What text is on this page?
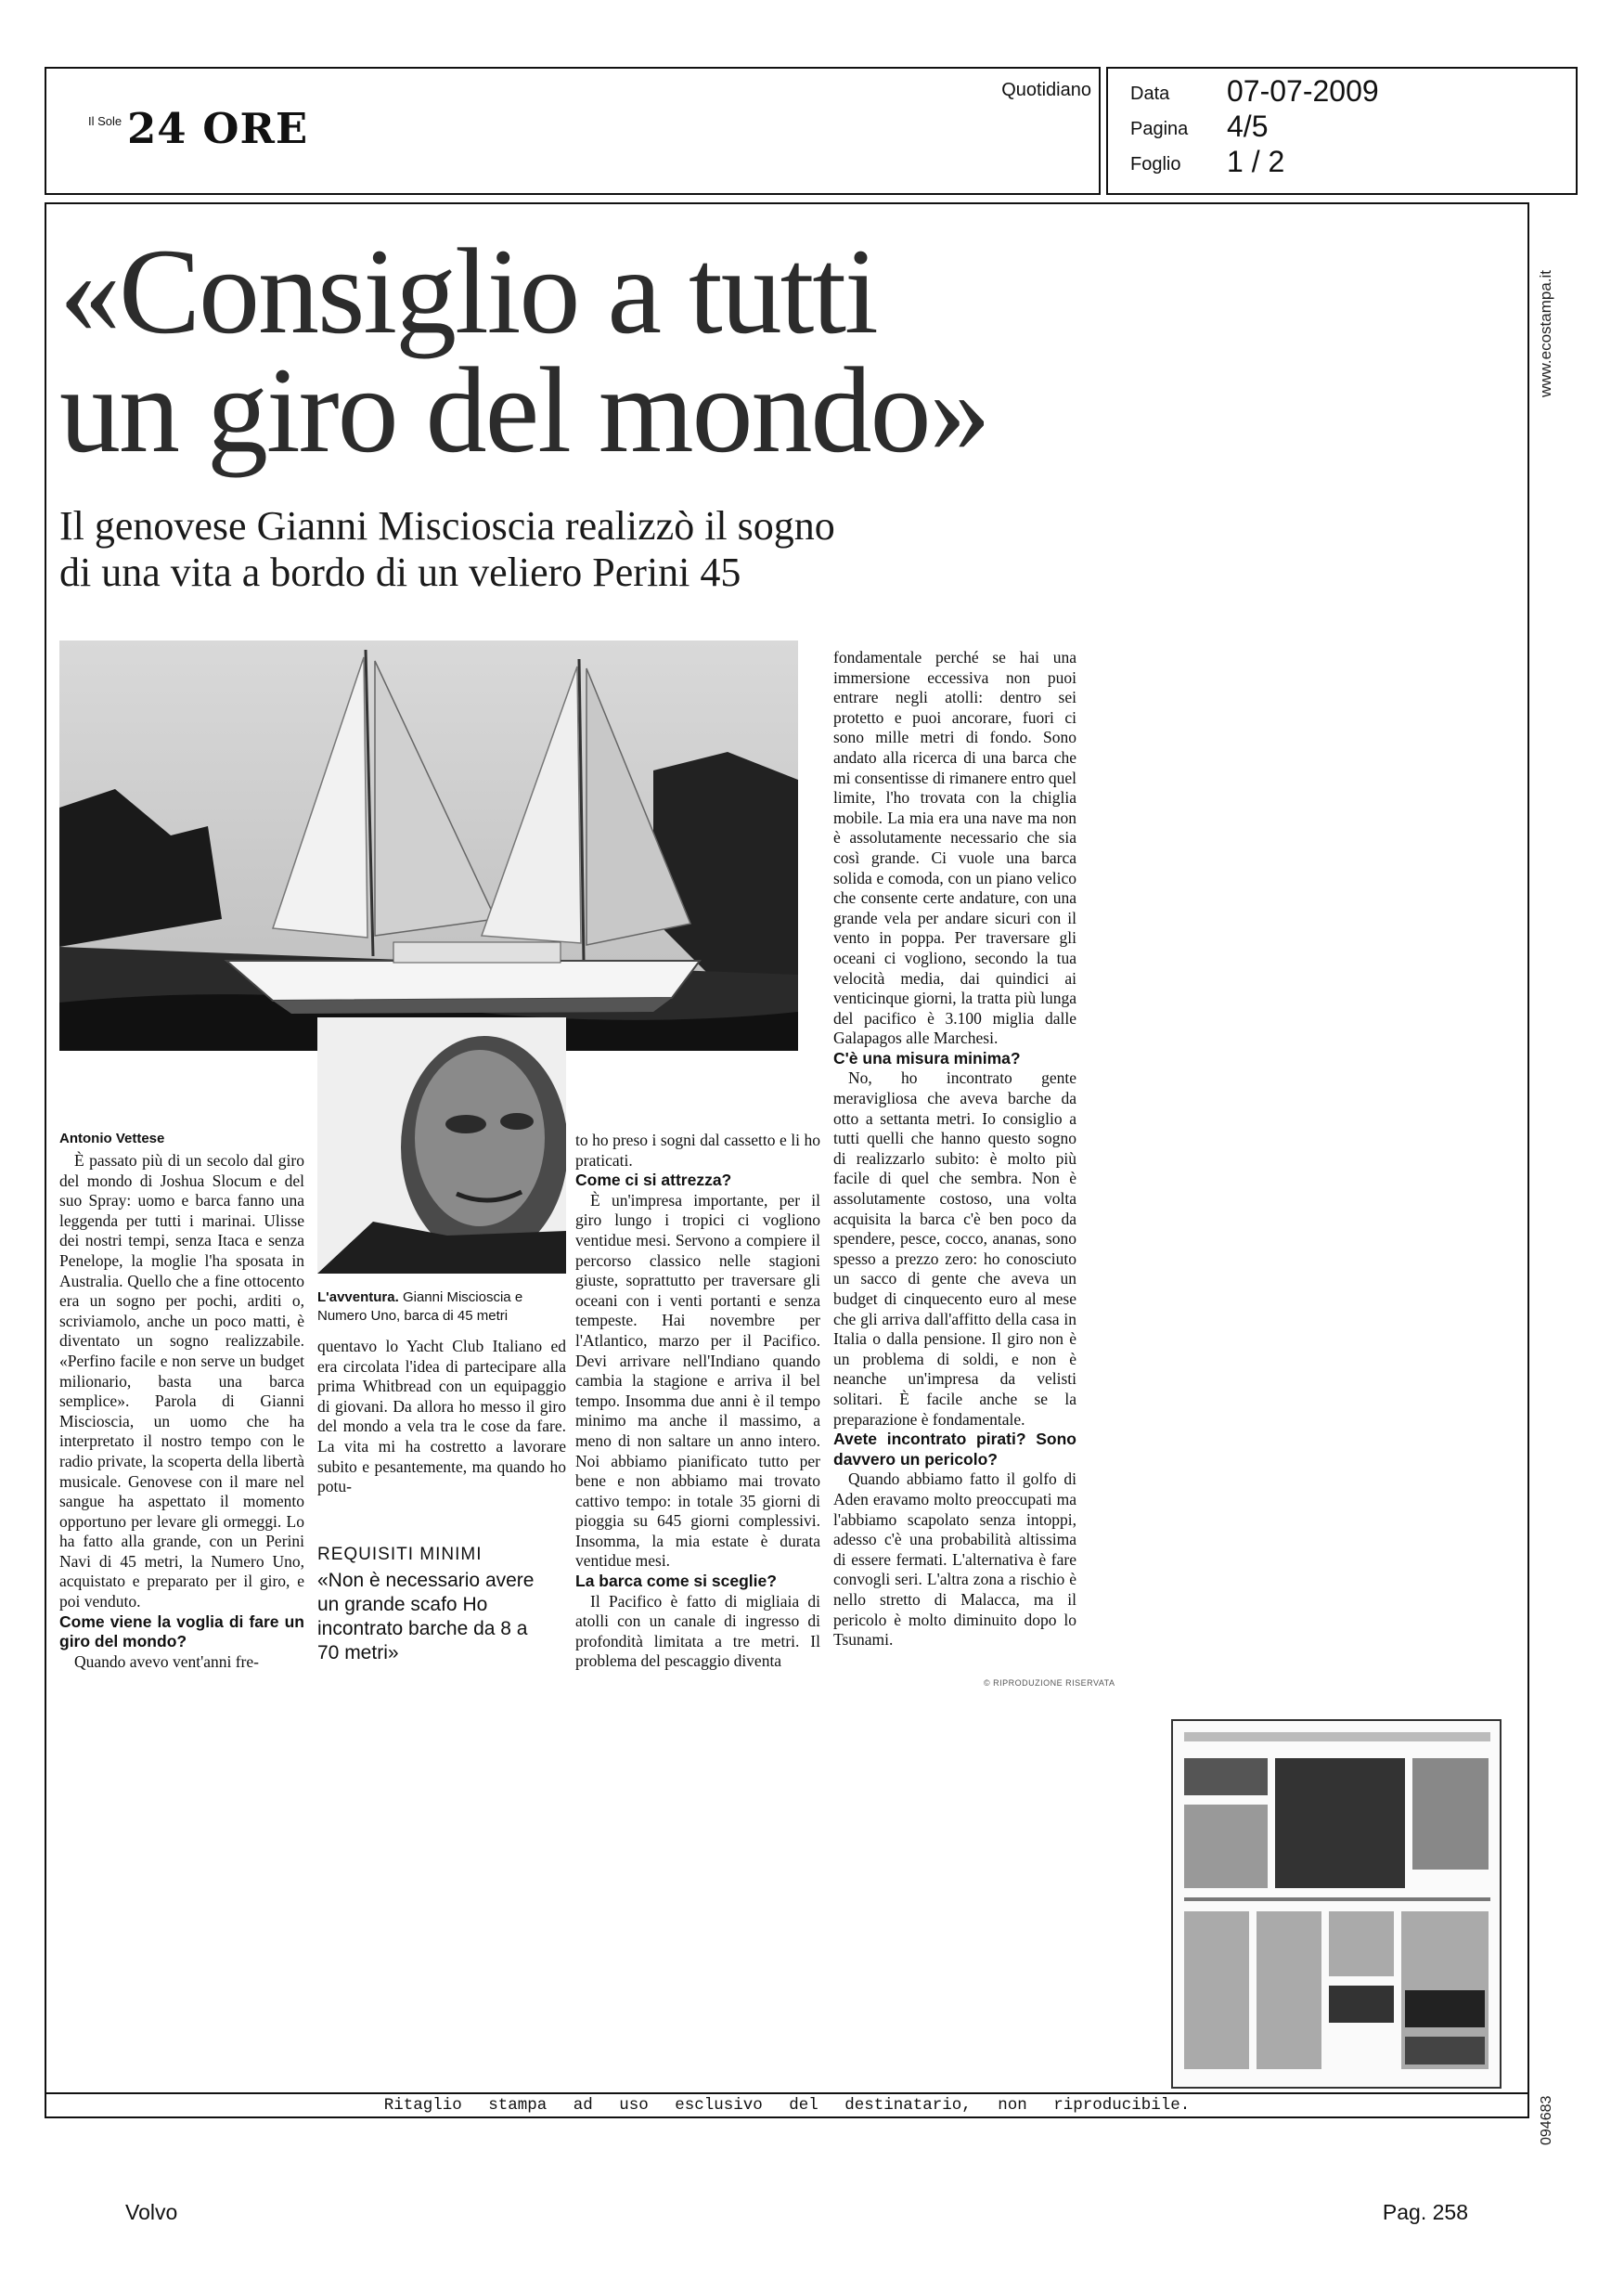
Il Sole 24 ORE
Quotidiano Data 07-07-2009
Pagina 4/5
Foglio 1 / 2
www.ecostampa.it
094683
«Consiglio a tutti
un giro del mondo»
Il genovese Gianni Miscioscia realizzò il sogno
di una vita a bordo di un veliero Perini 45
Antonio Vettese
L'avventura. Gianni Miscioscia e Numero Uno, barca di 45 metri

È passato più di un secolo dal giro del mondo di Joshua Slocum e del suo Spray: uomo e barca fanno una leggenda per tutti i marinai. Ulisse dei nostri tempi, senza Itaca e senza Penelope, la moglie l'ha sposata in Australia. Quello che a fine ottocento era un sogno per pochi, arditi o, scriviamolo, anche un poco matti, è diventato un sogno realizzabile. «Perfino facile e non serve un budget milionario, basta una barca semplice». Parola di Gianni Miscioscia, un uomo che ha interpretato il nostro tempo con le radio private, la scoperta della libertà musicale. Genovese con il mare nel sangue ha aspettato il momento opportuno per levare gli ormeggi. Lo ha fatto alla grande, con un Perini Navi di 45 metri, la Numero Uno, acquistato e preparato per il giro, e poi venduto.

Come viene la voglia di fare un giro del mondo?

Quando avevo vent'anni fre-

quentavo lo Yacht Club Italiano ed era circolata l'idea di partecipare alla prima Whitbread con un equipaggio di giovani. Da allora ho messo il giro del mondo a vela tra le cose da fare. La vita mi ha costretto a lavorare subito e pesantemente, ma quando ho potu-

REQUISITI MINIMI
«Non è necessario avere un grande scafo Ho incontrato barche da 8 a 70 metri»

to ho preso i sogni dal cassetto e li ho praticati.

Come ci si attrezza?

È un'impresa importante, per il giro lungo i tropici ci vogliono ventidue mesi. Servono a compiere il percorso classico nelle stagioni giuste, soprattutto per traversare gli oceani con i venti portanti e senza tempeste. Hai novembre per l'Atlantico, marzo per il Pacifico. Devi arrivare nell'Indiano quando cambia la stagione e arriva il bel tempo. Insomma due anni è il tempo minimo ma anche il massimo, a meno di non saltare un anno intero. Noi abbiamo pianificato tutto per bene e non abbiamo mai trovato cattivo tempo: in totale 35 giorni di pioggia su 645 giorni complessivi. Insomma, la mia estate è durata ventidue mesi.

La barca come si sceglie?

Il Pacifico è fatto di migliaia di atolli con un canale di ingresso di profondità limitata a tre metri. Il problema del pescaggio diventa

fondamentale perché se hai una immersione eccessiva non puoi entrare negli atolli: dentro sei protetto e puoi ancorare, fuori ci sono mille metri di fondo. Sono andato alla ricerca di una barca che mi consentisse di rimanere entro quel limite, l'ho trovata con la chiglia mobile. La mia era una nave ma non è assolutamente necessario che sia così grande. Ci vuole una barca solida e comoda, con un piano velico che consente certe andature, con una grande vela per andare sicuri con il vento in poppa. Per traversare gli oceani ci vogliono, secondo la tua velocità media, dai quindici ai venticinque giorni, la tratta più lunga del pacifico è 3.100 miglia dalle Galapagos alle Marchesi.

C'è una misura minima?

No, ho incontrato gente meravigliosa che aveva barche da otto a settanta metri. Io consiglio a tutti quelli che hanno questo sogno di realizzarlo subito: è molto più facile di quel che sembra. Non è assolutamente costoso, una volta acquisita la barca c'è ben poco da spendere, pesce, cocco, ananas, sono spesso a prezzo zero: ho conosciuto un sacco di gente che aveva un budget di cinquecento euro al mese che gli arriva dall'affitto della casa in Italia o dalla pensione. Il giro non è un problema di soldi, e non è neanche un'impresa da velisti solitari. È facile anche se la preparazione è fondamentale.

Avete incontrato pirati? Sono davvero un pericolo?

Quando abbiamo fatto il golfo di Aden eravamo molto preoccupati ma l'abbiamo scapolato senza intoppi, adesso c'è una probabilità altissima di essere fermati. L'alternativa è fare convogli seri. L'altra zona a rischio è nello stretto di Malacca, ma il pericolo è molto diminuito dopo lo Tsunami.

© RIPRODUZIONE RISERVATA
Ritaglio stampa ad uso esclusivo del destinatario, non riproducibile.
Volvo	Pag. 258
